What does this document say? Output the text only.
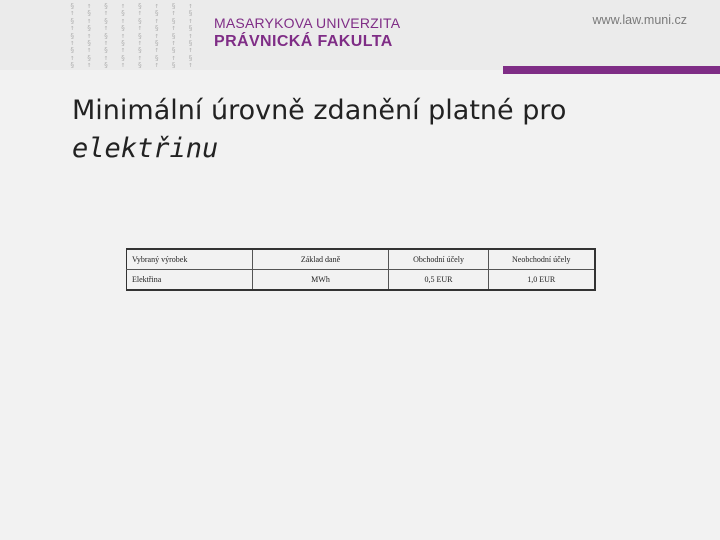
§ ↑ § ↑ § ↑ § ↑
↑ § ↑ § ↑ § ↑ §
§ ↑ § ↑ § ↑ § ↑
↑ § ↑ § ↑ § ↑ §
§ ↑ § ↑ § ↑ § ↑
↑ § ↑ § ↑ § ↑ §
§ ↑ § ↑ § ↑ § ↑
↑ § ↑ § ↑ § ↑ §
§ ↑ § ↑ § ↑ § ↑
MASARYKOVA UNIVERZITA
PRÁVNICKÁ FAKULTA
www.law.muni.cz
Minimální úrovně zdanění platné pro
elektřinu
Vybraný výrobek	Základ daně	Obchodní účely	Neobchodní účely
Elektřina	MWh	0,5 EUR	1,0 EUR
